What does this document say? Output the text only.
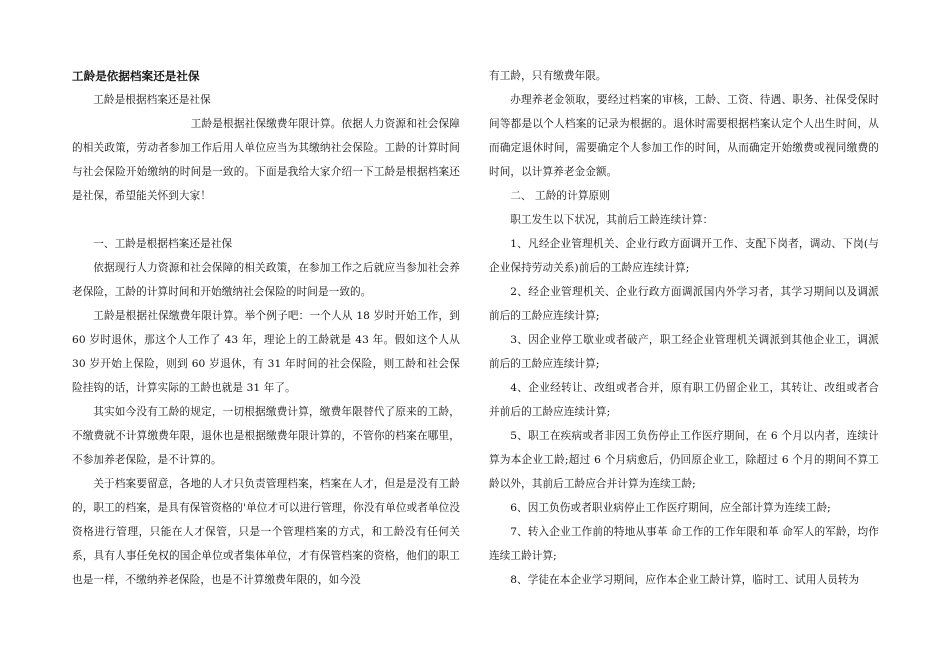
工龄是依据档案还是社保

工龄是根据档案还是社保

工龄是根据社保缴费年限计算。依据人力资源和社会保障的相关政策，劳动者参加工作后用人单位应当为其缴纳社会保险。工龄的计算时间与社会保险开始缴纳的时间是一致的。下面是我给大家介绍一下工龄是根据档案还是社保，希望能关怀到大家！

一、工龄是根据档案还是社保

依据现行人力资源和社会保障的相关政策，在参加工作之后就应当参加社会养老保险，工龄的计算时间和开始缴纳社会保险的时间是一致的。

工龄是根据社保缴费年限计算。举个例子吧：一个人从 18 岁时开始工作，到 60 岁时退休，那这个人工作了 43 年，理论上的工龄就是 43 年。假如这个人从 30 岁开始上保险，则到 60 岁退休，有 31 年时间的社会保险，则工龄和社会保险挂钩的话，计算实际的工龄也就是 31 年了。

其实如今没有工龄的规定，一切根据缴费计算，缴费年限替代了原来的工龄，不缴费就不计算缴费年限，退休也是根据缴费年限计算的，不管你的档案在哪里，不参加养老保险，是不计算的。

关于档案要留意，各地的人才只负责管理档案，档案在人才，但是是没有工龄的，职工的档案，是具有保管资格的'单位才可以进行管理，你没有单位或者单位没资格进行管理，只能在人才保管，只是一个管理档案的方式，和工龄没有任何关系，具有人事任免权的国企单位或者集体单位，才有保管档案的资格，他们的职工也是一样，不缴纳养老保险，也是不计算缴费年限的，如今没

有工龄，只有缴费年限。

办理养老金领取，要经过档案的审核，工龄、工资、待遇、职务、社保受保时间等都是以个人档案的记录为根据的。退休时需要根据档案认定个人出生时间，从而确定退休时间，需要确定个人参加工作的时间，从而确定开始缴费或视同缴费的时间，以计算养老金金额。

二、 工龄的计算原则

职工发生以下状况，其前后工龄连续计算：

1、凡经企业管理机关、企业行政方面调开工作、支配下岗者，调动、下岗(与企业保持劳动关系)前后的工龄应连续计算;

2、经企业管理机关、企业行政方面调派国内外学习者，其学习期间以及调派前后的工龄应连续计算;

3、因企业停工歇业或者破产，职工经企业管理机关调派到其他企业工，调派前后的工龄应连续计算;

4、企业经转让、改组或者合并，原有职工仍留企业工，其转让、改组或者合并前后的工龄应连续计算;

5、职工在疾病或者非因工负伤停止工作医疗期间，在 6 个月以内者，连续计算为本企业工龄;超过 6 个月病愈后，仍回原企业工，除超过 6 个月的期间不算工龄以外，其前后工龄应合并计算为连续工龄;

6、因工负伤或者职业病停止工作医疗期间，应全部计算为连续工龄;

7、转入企业工作前的特地从事革 命工作的工作年限和革 命军人的军龄，均作连续工龄计算;

8、学徒在本企业学习期间，应作本企业工龄计算，临时工、试用人员转为
